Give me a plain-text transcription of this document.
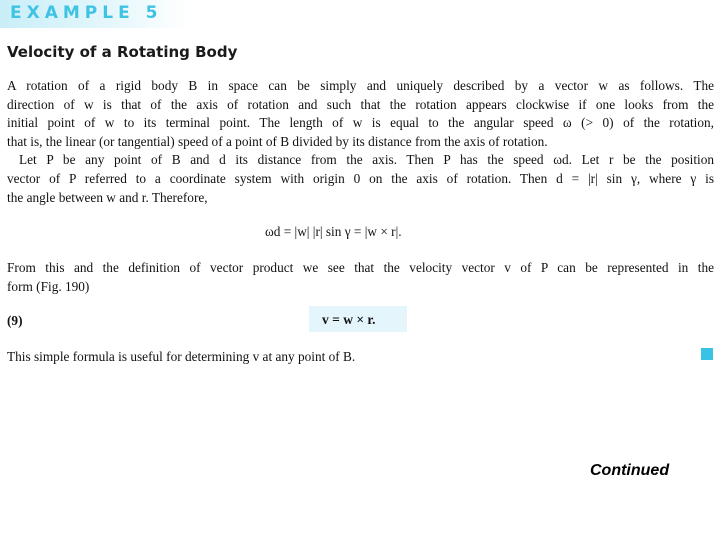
EXAMPLE 5
Velocity of a Rotating Body
A rotation of a rigid body B in space can be simply and uniquely described by a vector w as follows. The
direction of w is that of the axis of rotation and such that the rotation appears clockwise if one looks from the
initial point of w to its terminal point. The length of w is equal to the angular speed ω (> 0) of the rotation,
that is, the linear (or tangential) speed of a point of B divided by its distance from the axis of rotation.
Let P be any point of B and d its distance from the axis. Then P has the speed ωd. Let r be the position
vector of P referred to a coordinate system with origin 0 on the axis of rotation. Then d = |r| sin γ, where γ is
the angle between w and r. Therefore,
ωd = |w| |r| sin γ = |w × r|.
From this and the definition of vector product we see that the velocity vector v of P can be represented in the
form (Fig. 190)
(9)	v = w × r.
This simple formula is useful for determining v at any point of B.
Continued
